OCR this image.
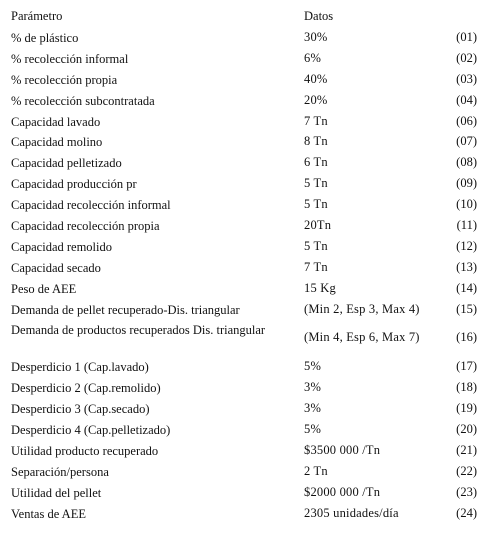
Parámetro	Datos
% de plástico	30%	(01)
% recolección informal	6%	(02)
% recolección propia	40%	(03)
% recolección subcontratada	20%	(04)
Capacidad lavado	7 Tn	(06)
Capacidad molino	8 Tn	(07)
Capacidad pelletizado	6 Tn	(08)
Capacidad producción pr	5 Tn	(09)
Capacidad recolección informal	5 Tn	(10)
Capacidad recolección propia	20Tn	(11)
Capacidad remolido	5 Tn	(12)
Capacidad secado	7 Tn	(13)
Peso de AEE	15 Kg	(14)
Demanda de pellet recuperado-Dis. triangular	(Min 2, Esp 3, Max 4)	(15)
Demanda de productos recuperados Dis. triangular	(Min 4, Esp 6, Max 7)	(16)
Desperdicio 1 (Cap.lavado)	5%	(17)
Desperdicio 2 (Cap.remolido)	3%	(18)
Desperdicio 3 (Cap.secado)	3%	(19)
Desperdicio 4 (Cap.pelletizado)	5%	(20)
Utilidad producto recuperado	$3500 000 /Tn	(21)
Separación/persona	2 Tn	(22)
Utilidad del pellet	$2000 000 /Tn	(23)
Ventas de AEE	2305 unidades/día	(24)
